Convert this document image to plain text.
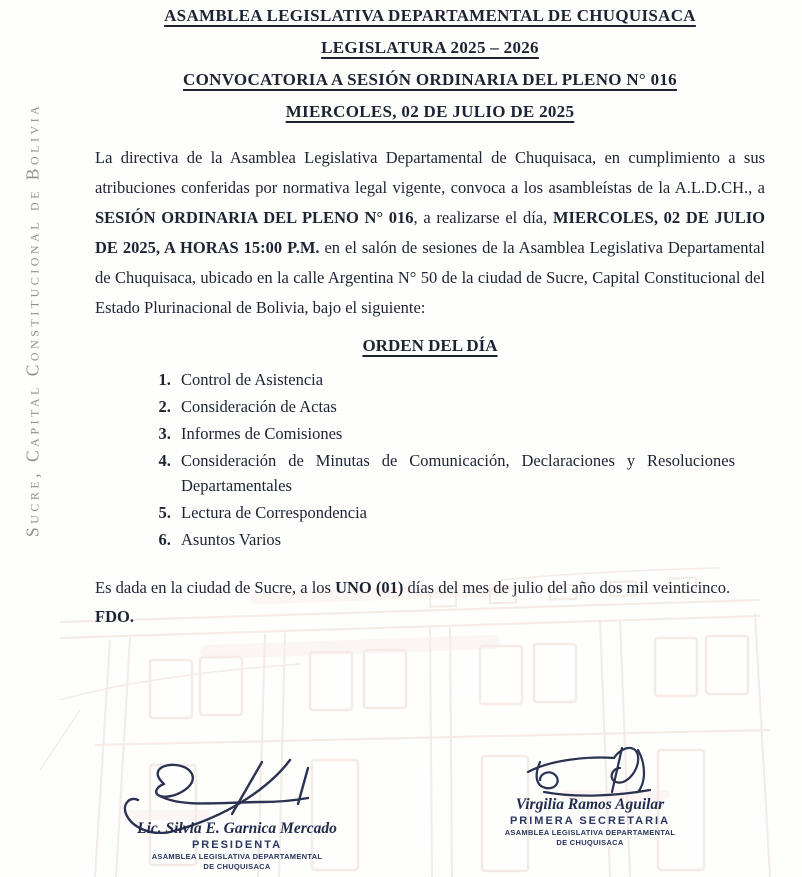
Sucre, Capital Constitucional de Bolivia
ASAMBLEA LEGISLATIVA DEPARTAMENTAL DE CHUQUISACA
LEGISLATURA 2025 – 2026
CONVOCATORIA A SESIÓN ORDINARIA DEL PLENO N° 016
MIERCOLES, 02 DE JULIO DE 2025

La directiva de la Asamblea Legislativa Departamental de Chuquisaca, en cumplimiento a sus atribuciones conferidas por normativa legal vigente, convoca a los asambleístas de la A.L.D.CH., a SESIÓN ORDINARIA DEL PLENO N° 016, a realizarse el día, MIERCOLES, 02 DE JULIO DE 2025, A HORAS 15:00 P.M. en el salón de sesiones de la Asamblea Legislativa Departamental de Chuquisaca, ubicado en la calle Argentina N° 50 de la ciudad de Sucre, Capital Constitucional del Estado Plurinacional de Bolivia, bajo el siguiente:

ORDEN DEL DÍA
1. Control de Asistencia
2. Consideración de Actas
3. Informes de Comisiones
4. Consideración de Minutas de Comunicación, Declaraciones y Resoluciones Departamentales
5. Lectura de Correspondencia
6. Asuntos Varios

Es dada en la ciudad de Sucre, a los UNO (01) días del mes de julio del año dos mil veinticinco.

FDO.
Lic. Silvia E. Garnica Mercado
PRESIDENTA
ASAMBLEA LEGISLATIVA DEPARTAMENTAL
DE CHUQUISACA
Virgilia Ramos Aguilar
PRIMERA SECRETARIA
ASAMBLEA LEGISLATIVA DEPARTAMENTAL
DE CHUQUISACA
